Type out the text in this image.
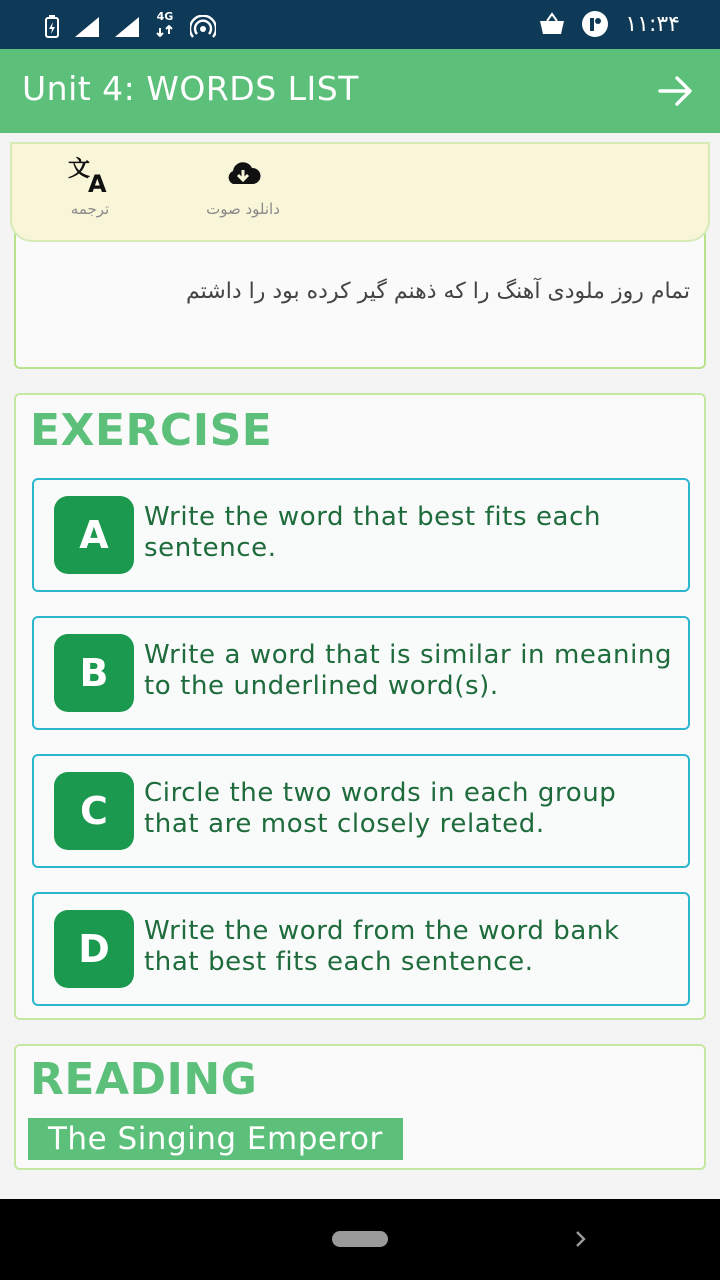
4G	۱۱:۳۴
Unit 4: WORDS LIST
تمام روز ملودی آهنگ را که ذهنم گیر کرده بود را داشتم
文
A
ترجمه	دانلود صوت
EXERCISE
A	Write the word that best fits each sentence.
B	Write a word that is similar in meaning to the underlined word(s).
C	Circle the two words in each group that are most closely related.
D	Write the word from the word bank that best fits each sentence.
READING
The Singing Emperor
